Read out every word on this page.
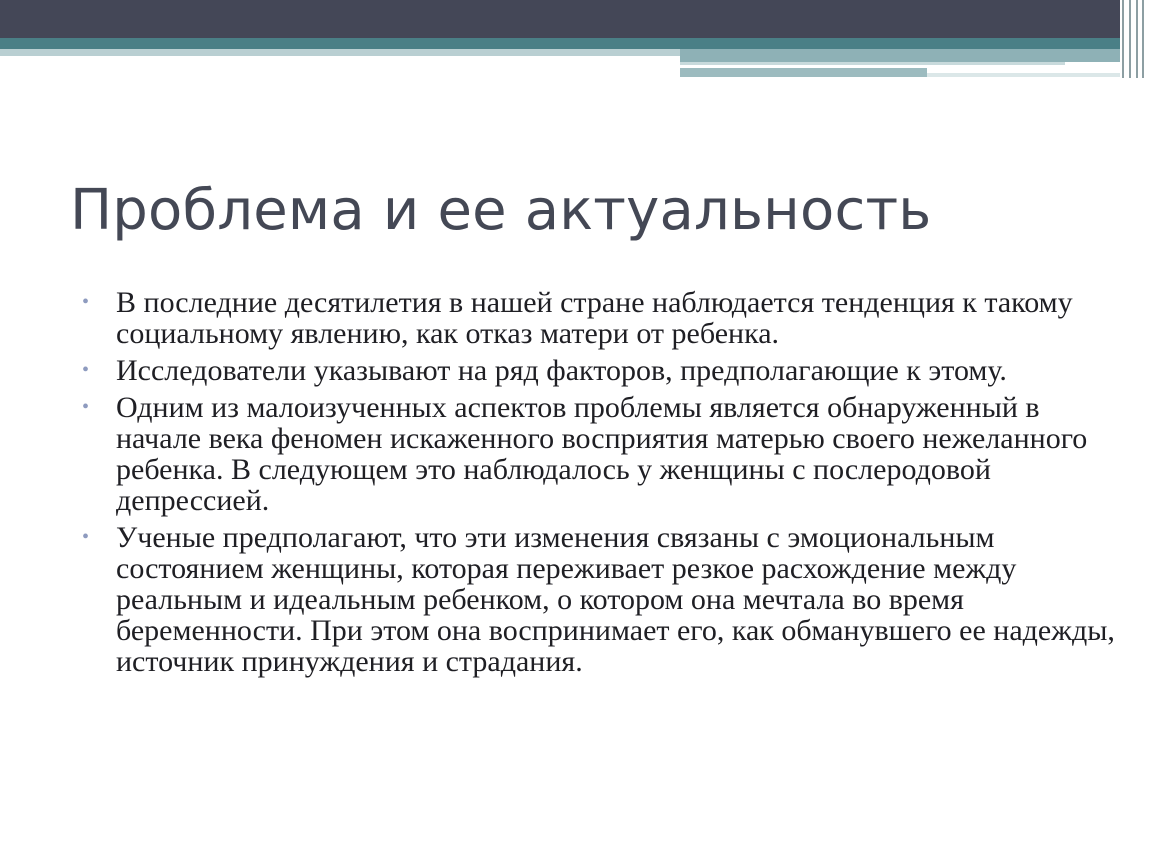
Проблема и ее актуальность
• В последние десятилетия в нашей стране наблюдается тенденция к такому социальному явлению, как отказ матери от ребенка.
• Исследователи указывают на ряд факторов, предполагающие к этому.
• Одним из малоизученных аспектов проблемы является обнаруженный в начале века феномен искаженного восприятия матерью своего нежеланного ребенка. В следующем это наблюдалось у женщины с послеродовой депрессией.
• Ученые предполагают, что эти изменения связаны с эмоциональным состоянием женщины, которая переживает резкое расхождение между реальным и идеальным ребенком, о котором она мечтала во время беременности. При этом она воспринимает его, как обманувшего ее надежды, источник принуждения и страдания.
